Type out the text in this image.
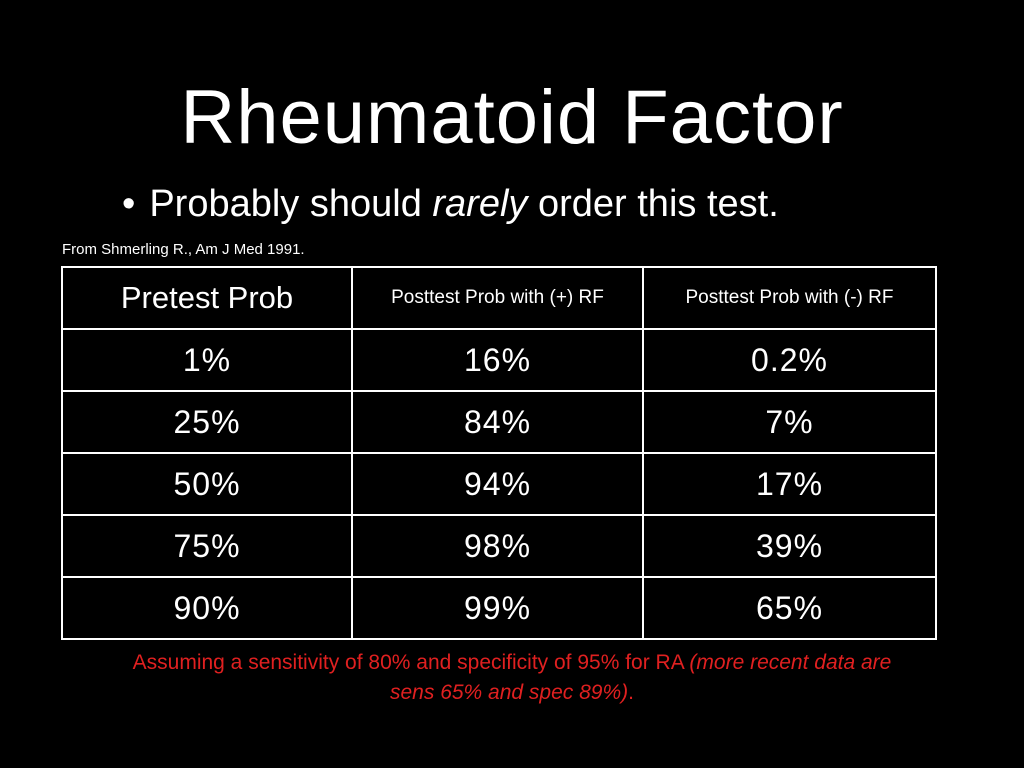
Rheumatoid Factor
• Probably should rarely order this test.
From Shmerling R., Am J Med 1991.
Pretest Prob	Posttest Prob with (+) RF	Posttest Prob with (-) RF
1%	16%	0.2%
25%	84%	7%
50%	94%	17%
75%	98%	39%
90%	99%	65%
Assuming a sensitivity of 80% and specificity of 95% for RA (more recent data are sens 65% and spec 89%).
